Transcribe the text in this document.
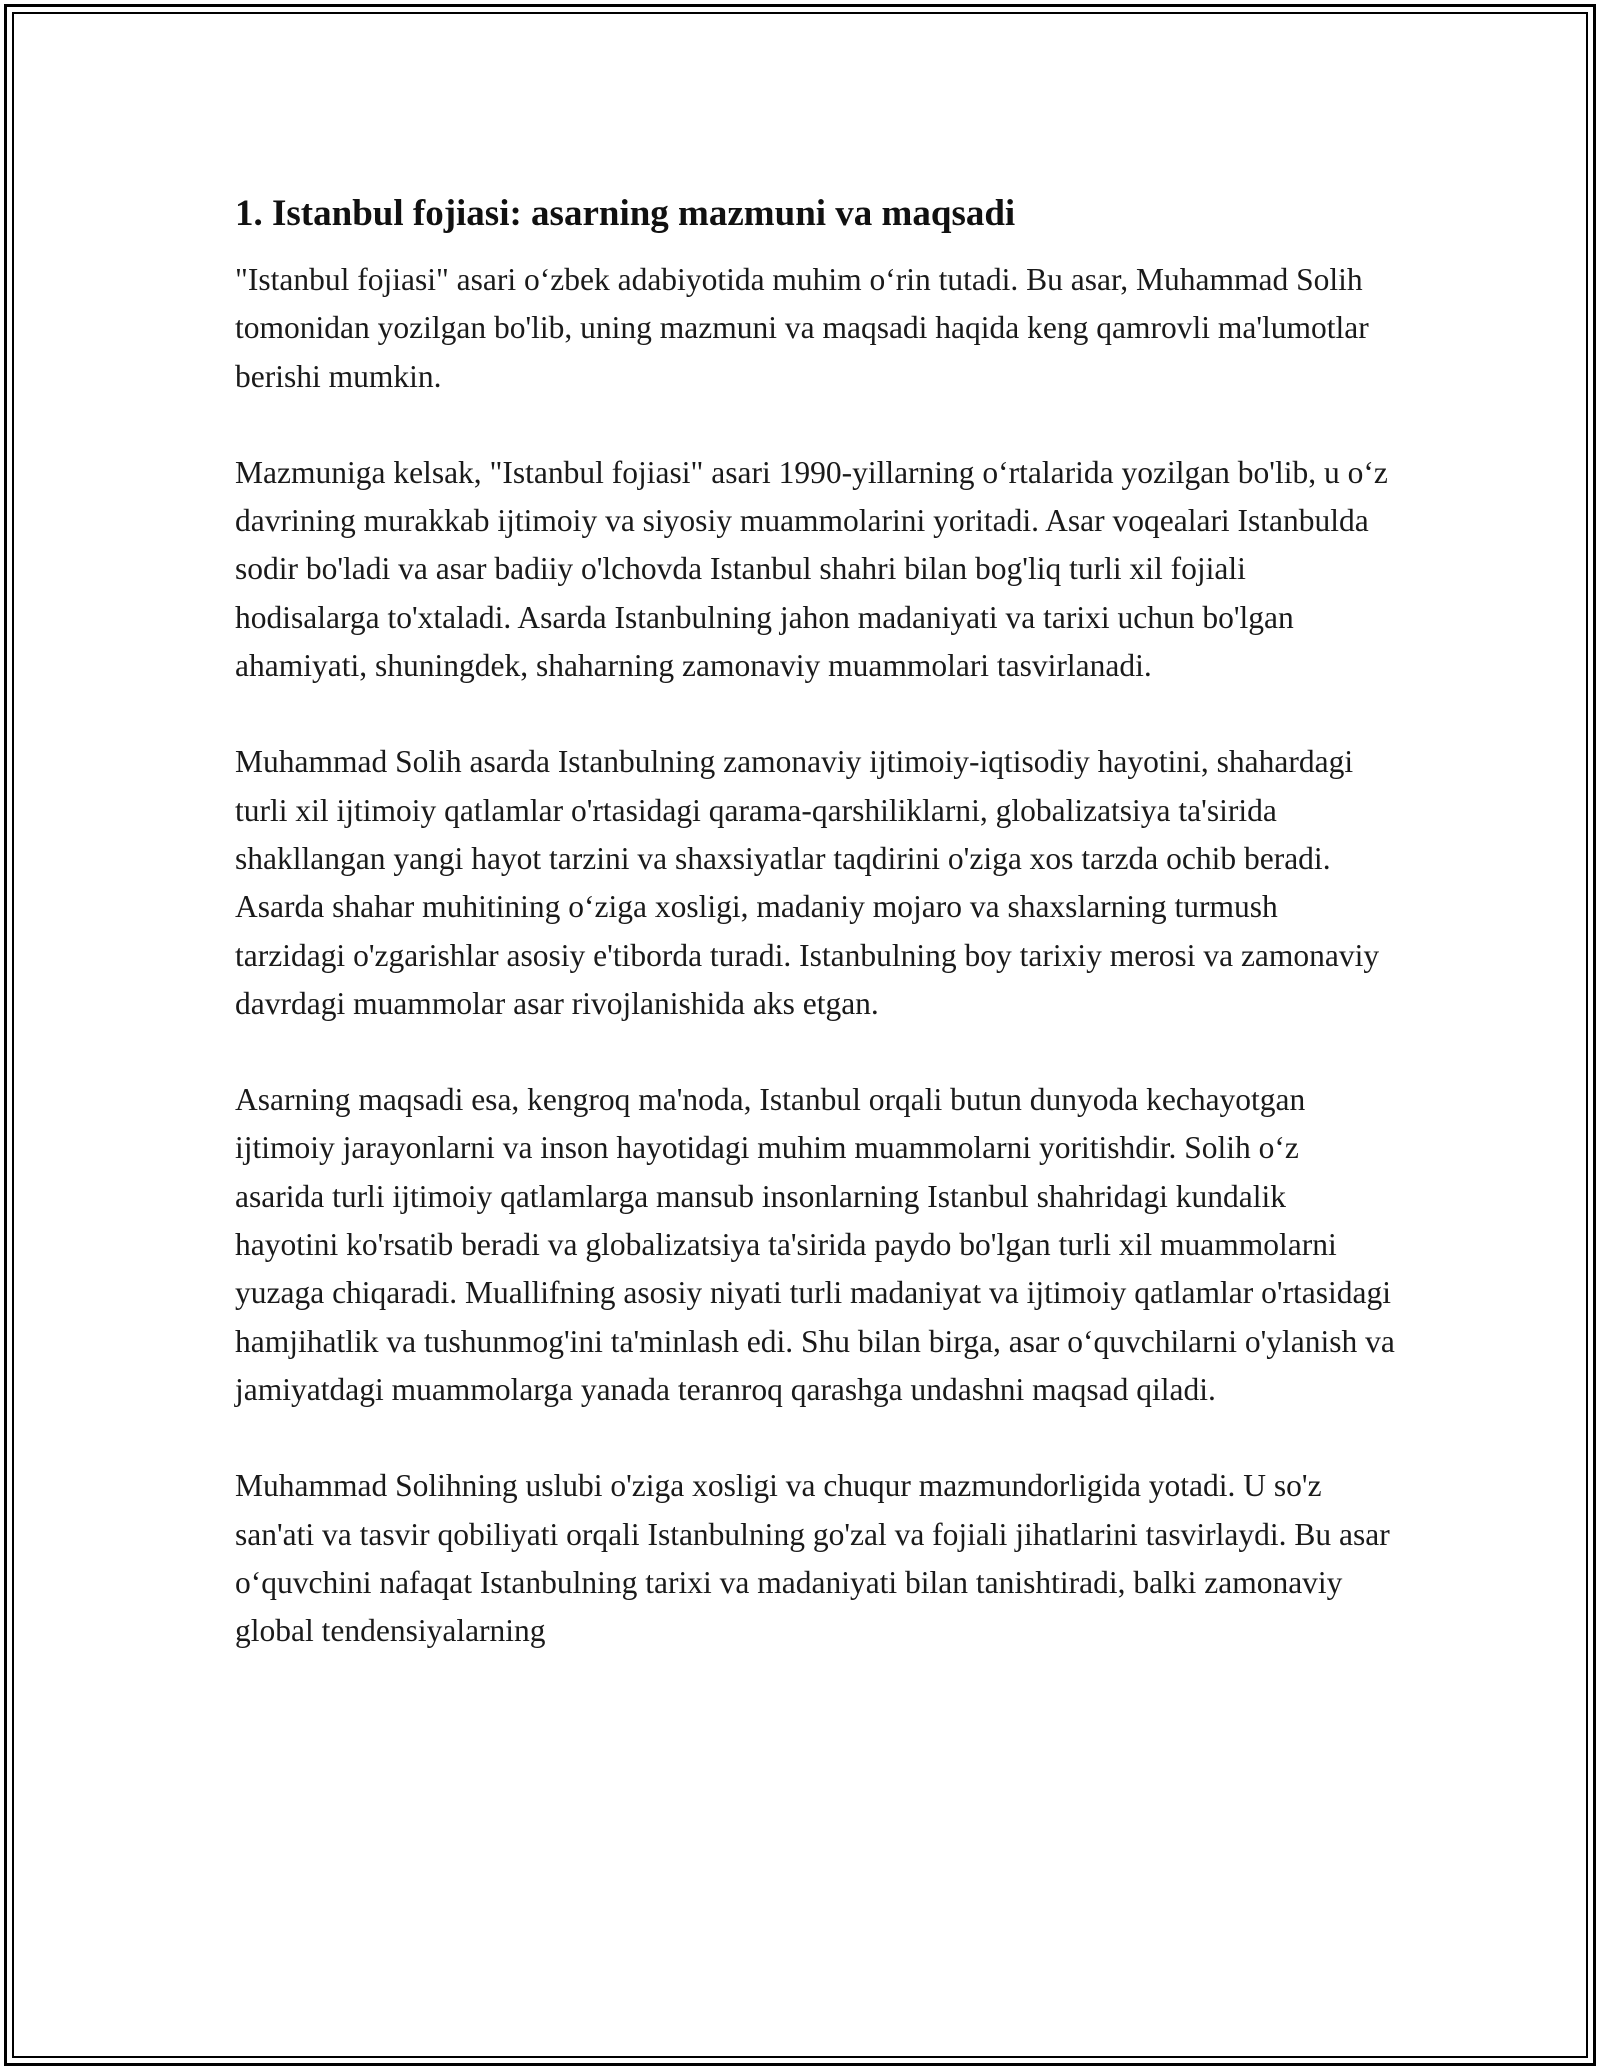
1. Istanbul fojiasi: asarning mazmuni va maqsadi

"Istanbul fojiasi" asari o‘zbek adabiyotida muhim o‘rin tutadi. Bu asar, Muhammad Solih tomonidan yozilgan bo'lib, uning mazmuni va maqsadi haqida keng qamrovli ma'lumotlar berishi mumkin.

Mazmuniga kelsak, "Istanbul fojiasi" asari 1990-yillarning o‘rtalarida yozilgan bo'lib, u o‘z davrining murakkab ijtimoiy va siyosiy muammolarini yoritadi. Asar voqealari Istanbulda sodir bo'ladi va asar badiiy o'lchovda Istanbul shahri bilan bog'liq turli xil fojiali hodisalarga to'xtaladi. Asarda Istanbulning jahon madaniyati va tarixi uchun bo'lgan ahamiyati, shuningdek, shaharning zamonaviy muammolari tasvirlanadi.

Muhammad Solih asarda Istanbulning zamonaviy ijtimoiy-iqtisodiy hayotini, shahardagi turli xil ijtimoiy qatlamlar o'rtasidagi qarama-qarshiliklarni, globalizatsiya ta'sirida shakllangan yangi hayot tarzini va shaxsiyatlar taqdirini o'ziga xos tarzda ochib beradi. Asarda shahar muhitining o‘ziga xosligi, madaniy mojaro va shaxslarning turmush tarzidagi o'zgarishlar asosiy e'tiborda turadi. Istanbulning boy tarixiy merosi va zamonaviy davrdagi muammolar asar rivojlanishida aks etgan.

Asarning maqsadi esa, kengroq ma'noda, Istanbul orqali butun dunyoda kechayotgan ijtimoiy jarayonlarni va inson hayotidagi muhim muammolarni yoritishdir. Solih o‘z asarida turli ijtimoiy qatlamlarga mansub insonlarning Istanbul shahridagi kundalik hayotini ko'rsatib beradi va globalizatsiya ta'sirida paydo bo'lgan turli xil muammolarni yuzaga chiqaradi. Muallifning asosiy niyati turli madaniyat va ijtimoiy qatlamlar o'rtasidagi hamjihatlik va tushunmog'ini ta'minlash edi. Shu bilan birga, asar o‘quvchilarni o'ylanish va jamiyatdagi muammolarga yanada teranroq qarashga undashni maqsad qiladi.

Muhammad Solihning uslubi o'ziga xosligi va chuqur mazmundorligida yotadi. U so'z san'ati va tasvir qobiliyati orqali Istanbulning go'zal va fojiali jihatlarini tasvirlaydi. Bu asar o‘quvchini nafaqat Istanbulning tarixi va madaniyati bilan tanishtiradi, balki zamonaviy global tendensiyalarning
